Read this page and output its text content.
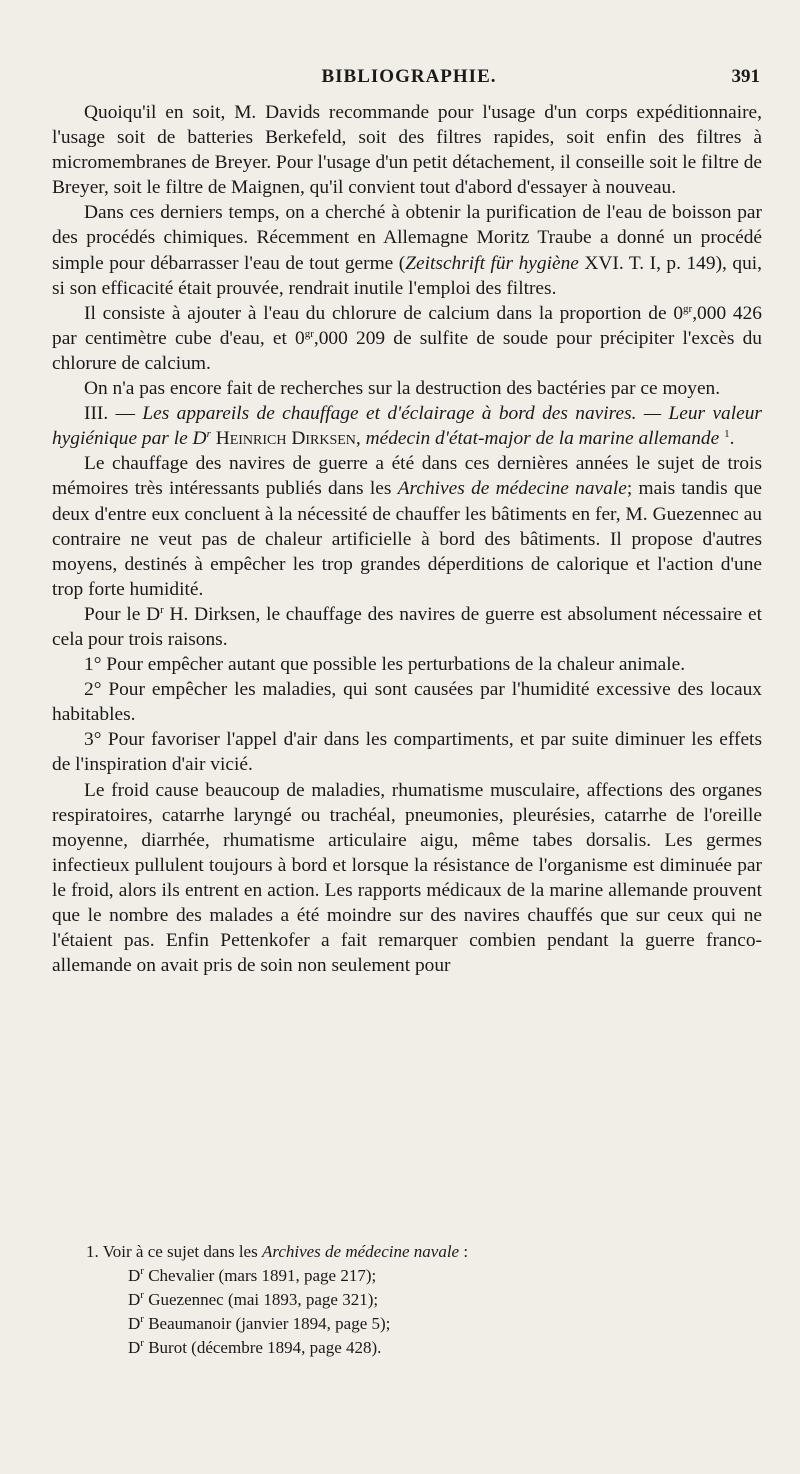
BIBLIOGRAPHIE.	391

Quoiqu'il en soit, M. Davids recommande pour l'usage d'un corps expéditionnaire, l'usage soit de batteries Berkefeld, soit des filtres rapides, soit enfin des filtres à micromembranes de Breyer. Pour l'usage d'un petit détachement, il conseille soit le filtre de Breyer, soit le filtre de Maignen, qu'il convient tout d'abord d'essayer à nouveau.

Dans ces derniers temps, on a cherché à obtenir la purification de l'eau de boisson par des procédés chimiques. Récemment en Allemagne Moritz Traube a donné un procédé simple pour débarrasser l'eau de tout germe (Zeitschrift für hygiène XVI. T. I, p. 149), qui, si son efficacité était prouvée, rendrait inutile l'emploi des filtres.

Il consiste à ajouter à l'eau du chlorure de calcium dans la proportion de $0^{gr},000$ 426 par centimètre cube d'eau, et $0^{gr},000$ 209 de sulfite de soude pour précipiter l'excès du chlorure de calcium.

On n'a pas encore fait de recherches sur la destruction des bactéries par ce moyen.

III. — Les appareils de chauffage et d'éclairage à bord des navires. — Leur valeur hygiénique par le $D^r$ Heinrich Dirksen, médecin d'état-major de la marine allemande $^1$.

Le chauffage des navires de guerre a été dans ces dernières années le sujet de trois mémoires très intéressants publiés dans les Archives de médecine navale; mais tandis que deux d'entre eux concluent à la nécessité de chauffer les bâtiments en fer, M. Guezennec au contraire ne veut pas de chaleur artificielle à bord des bâtiments. Il propose d'autres moyens, destinés à empêcher les trop grandes déperditions de calorique et l'action d'une trop forte humidité.

Pour le $D^r$ H. Dirksen, le chauffage des navires de guerre est absolument nécessaire et cela pour trois raisons.

1° Pour empêcher autant que possible les perturbations de la chaleur animale.

2° Pour empêcher les maladies, qui sont causées par l'humidité excessive des locaux habitables.

3° Pour favoriser l'appel d'air dans les compartiments, et par suite diminuer les effets de l'inspiration d'air vicié.

Le froid cause beaucoup de maladies, rhumatisme musculaire, affections des organes respiratoires, catarrhe laryngé ou trachéal, pneumonies, pleurésies, catarrhe de l'oreille moyenne, diarrhée, rhumatisme articulaire aigu, même tabes dorsalis. Les germes infectieux pullulent toujours à bord et lorsque la résistance de l'organisme est diminuée par le froid, alors ils entrent en action. Les rapports médicaux de la marine allemande prouvent que le nombre des malades a été moindre sur des navires chauffés que sur ceux qui ne l'étaient pas. Enfin Pettenkofer a fait remarquer combien pendant la guerre franco-allemande on avait pris de soin non seulement pour

1. Voir à ce sujet dans les Archives de médecine navale :

$D^r$ Chevalier (mars 1891, page 217);
$D^r$ Guezennec (mai 1893, page 321);
$D^r$ Beaumanoir (janvier 1894, page 5);
$D^r$ Burot (décembre 1894, page 428).
